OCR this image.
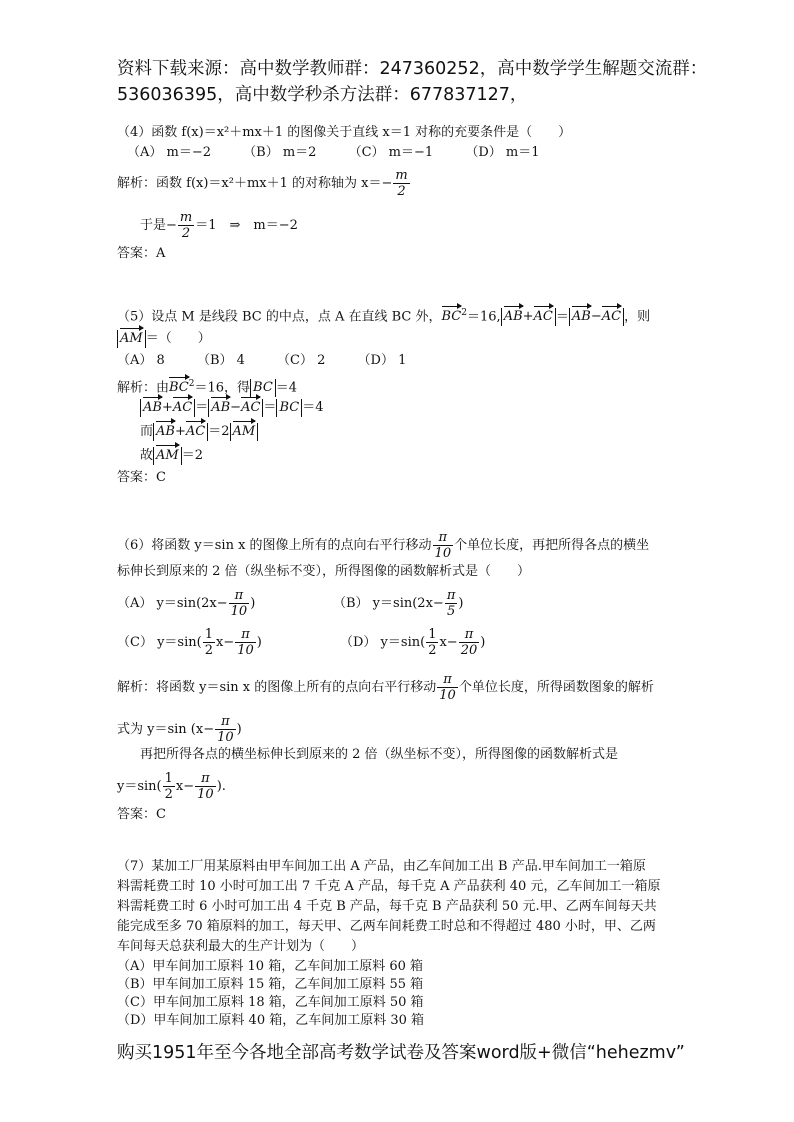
资料下载来源：高中数学教师群：247360252，高中数学学生解题交流群：536036395，高中数学秒杀方法群：677837127，
（4）函数 f(x)＝x²＋mx＋1 的图像关于直线 x＝1 对称的充要条件是（　　）
（A） m＝−2 （B） m＝2 （C） m＝−1 （D） m＝1
解析：函数 f(x)＝x²＋mx＋1 的对称轴为 $x=- \frac{m}{2}$
于是− $\frac{m}{2} =1$　⇒　m＝−2
答案：A
（5）设点 M 是线段 BC 的中点，点 A 在直线 BC 外，$BC^2=16$, AB+AC ＝ AB−AC ，则
AM ＝（　　）
（A） 8 （B） 4 （C） 2 （D） 1
解析：由$BC^2=16$，得 BC ＝4
AB+AC ＝ AB−AC ＝ BC ＝4
而 AB+AC ＝2 AM
故 AM ＝2
答案：C
（6）将函数 y＝sin x 的图像上所有的点向右平行移动 $\frac{\pi}{10}$ 个单位长度，再把所得各点的横坐
标伸长到原来的 2 倍（纵坐标不变），所得图像的函数解析式是（　　）
（A） $y=\sin(2x- \frac{\pi}{10}$ )	（B） $y=\sin(2x- \frac{\pi}{5}$ )
（C） $y=\sin( \frac{1}{2} x- \frac{\pi}{10}$ )	（D） $y=\sin( \frac{1}{2} x- \frac{\pi}{20}$ )
解析：将函数 y＝sin x 的图像上所有的点向右平行移动 $\frac{\pi}{10}$ 个单位长度，所得函数图象的解析
式为 y＝sin ($x- \frac{\pi}{10}$ )
再把所得各点的横坐标伸长到原来的 2 倍（纵坐标不变），所得图像的函数解析式是
$y=\sin( \frac{1}{2} x- \frac{\pi}{10}$ ).
答案：C
（7）某加工厂用某原料由甲车间加工出 A 产品，由乙车间加工出 B 产品.甲车间加工一箱原
料需耗费工时 10 小时可加工出 7 千克 A 产品，每千克 A 产品获利 40 元，乙车间加工一箱原
料需耗费工时 6 小时可加工出 4 千克 B 产品，每千克 B 产品获利 50 元.甲、乙两车间每天共
能完成至多 70 箱原料的加工，每天甲、乙两车间耗费工时总和不得超过 480 小时，甲、乙两
车间每天总获利最大的生产计划为（　　）
（A）甲车间加工原料 10 箱，乙车间加工原料 60 箱
（B）甲车间加工原料 15 箱，乙车间加工原料 55 箱
（C）甲车间加工原料 18 箱，乙车间加工原料 50 箱
（D）甲车间加工原料 40 箱，乙车间加工原料 30 箱
购买1951年至今各地全部高考数学试卷及答案word版+微信“hehezmv”
